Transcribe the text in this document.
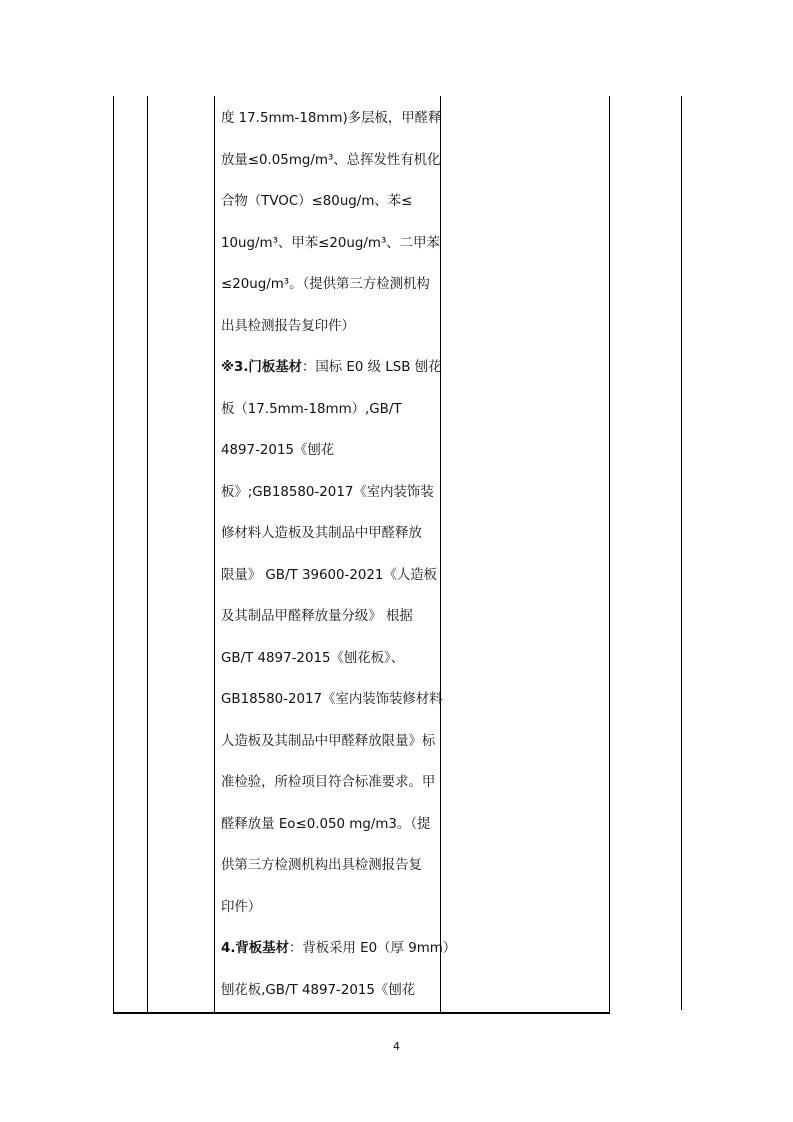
度 17.5mm-18mm)多层板，甲醛释
放量≤0.05mg/m³、总挥发性有机化
合物（TVOC）≤80ug/m、苯≤
10ug/m³、甲苯≤20ug/m³、二甲苯
≤20ug/m³。（提供第三方检测机构
出具检测报告复印件）
※3.门板基材：国标 E0 级 LSB 刨花
板（17.5mm-18mm）,GB/T
4897-2015《刨花
板》;GB18580-2017《室内装饰装
修材料人造板及其制品中甲醛释放
限量》 GB/T 39600-2021《人造板
及其制品甲醛释放量分级》 根据
GB/T 4897-2015《刨花板》、
GB18580-2017《室内装饰装修材料
人造板及其制品中甲醛释放限量》标
准检验，所检项目符合标准要求。甲
醛释放量 Eo≤0.050 mg/m3。（提
供第三方检测机构出具检测报告复
印件）
4.背板基材：背板采用 E0（厚 9mm）
刨花板,GB/T 4897-2015《刨花
4
